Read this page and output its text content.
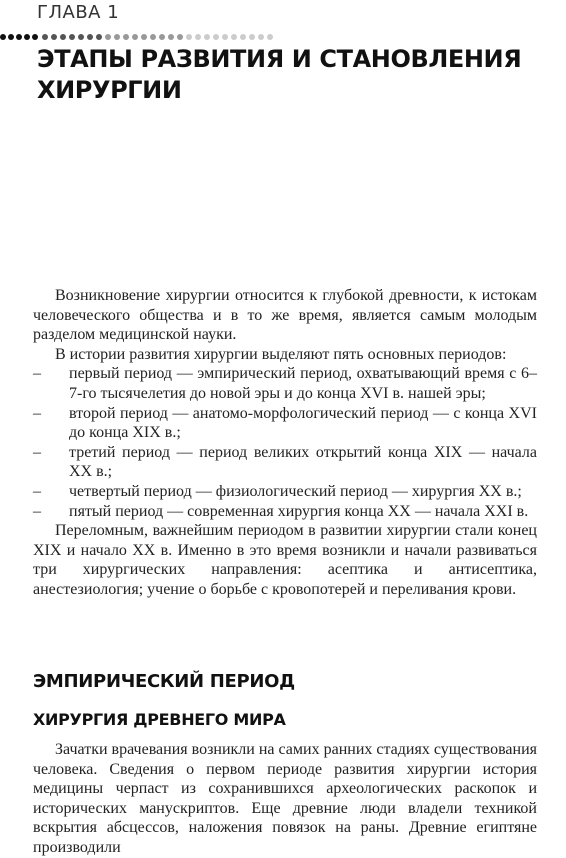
ГЛАВА 1
ЭТАПЫ РАЗВИТИЯ И СТАНОВЛЕНИЯ ХИРУРГИИ

Возникновение хирургии относится к глубокой древности, к истокам человеческого общества и в то же время, является самым молодым разделом медицинской науки.

В истории развития хирургии выделяют пять основных периодов:

– первый период — эмпирический период, охватывающий время с 6–7-го тысячелетия до новой эры и до конца XVI в. нашей эры;
– второй период — анатомо-морфологический период — с конца XVI до конца XIX в.;
– третий период — период великих открытий конца XIX — начала XX в.;
– четвертый период — физиологический период — хирургия XX в.;
– пятый период — современная хирургия конца XX — начала XXI в.

Переломным, важнейшим периодом в развитии хирургии стали конец XIX и начало XX в. Именно в это время возникли и начали развиваться три хирургических направления: асептика и антисептика, анестезиология; учение о борьбе с кровопотерей и переливания крови.

ЭМПИРИЧЕСКИЙ ПЕРИОД
ХИРУРГИЯ ДРЕВНЕГО МИРА

Зачатки врачевания возникли на самих ранних стадиях существования человека. Сведения о первом периоде развития хирургии история медицины черпаст из сохранившихся археологических раскопок и исторических манускриптов. Еще древние люди владели техникой вскрытия абсцессов, наложения повязок на раны. Древние египтяне производили
